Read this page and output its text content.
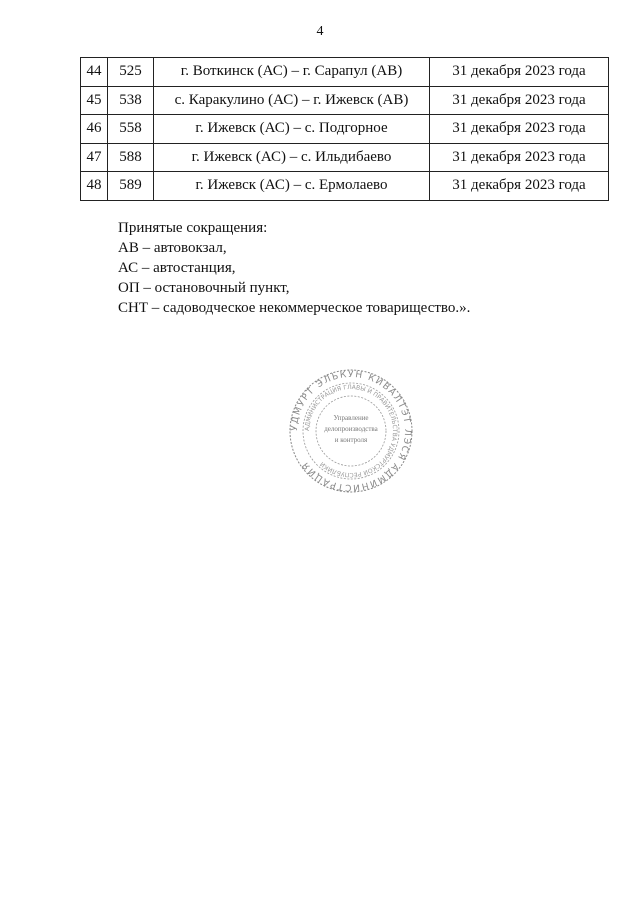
4
44	525	г. Воткинск (АС) – г. Сарапул (АВ)	31 декабря 2023 года
45	538	с. Каракулино (АС) – г. Ижевск (АВ)	31 декабря 2023 года
46	558	г. Ижевск (АС) – с. Подгорное	31 декабря 2023 года
47	588	г. Ижевск (АС) – с. Ильдибаево	31 декабря 2023 года
48	589	г. Ижевск (АС) – с. Ермолаево	31 декабря 2023 года
Принятые сокращения:
АВ – автовокзал,
АС – автостанция,
ОП – остановочный пункт,
СНТ – садоводческое некоммерческое товарищество.».
УДМУРТ ЭЛЬКУН КИВАЛТЭТ ЛЭСЯ АДМИНИСТРАЦИЯ
АДМИНИСТРАЦИЯ ГЛАВЫ И ПРАВИТЕЛЬСТВА УДМУРТСКОЙ РЕСПУБЛИКИ
Управление
делопроизводства
и контроля
